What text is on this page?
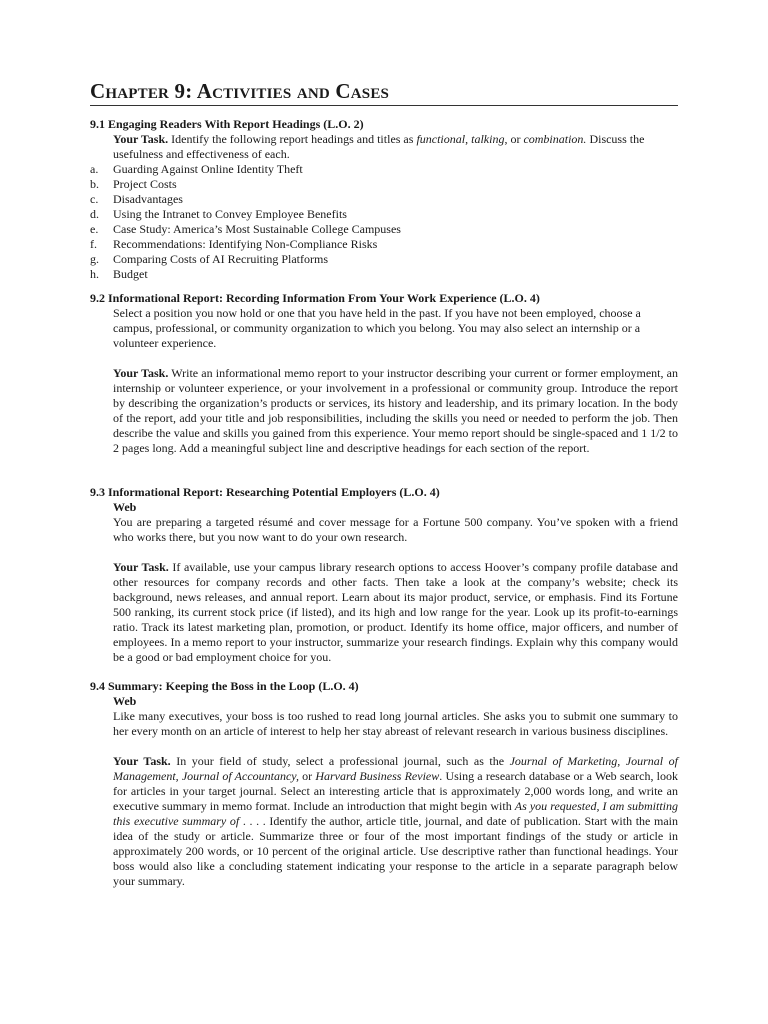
Chapter 9: Activities and Cases

9.1 Engaging Readers With Report Headings (L.O. 2)

Your Task. Identify the following report headings and titles as functional, talking, or combination. Discuss the usefulness and effectiveness of each.

a.	Guarding Against Online Identity Theft
b.	Project Costs
c.	Disadvantages
d.	Using the Intranet to Convey Employee Benefits
e.	Case Study: America’s Most Sustainable College Campuses
f.	Recommendations: Identifying Non-Compliance Risks
g.	Comparing Costs of AI Recruiting Platforms
h.	Budget

9.2 Informational Report: Recording Information From Your Work Experience (L.O. 4)

Select a position you now hold or one that you have held in the past. If you have not been employed, choose a campus, professional, or community organization to which you belong. You may also select an internship or a volunteer experience.

Your Task. Write an informational memo report to your instructor describing your current or former employment, an internship or volunteer experience, or your involvement in a professional or community group. Introduce the report by describing the organization’s products or services, its history and leadership, and its primary location. In the body of the report, add your title and job responsibilities, including the skills you need or needed to perform the job. Then describe the value and skills you gained from this experience. Your memo report should be single-spaced and 1 1/2 to 2 pages long. Add a meaningful subject line and descriptive headings for each section of the report.

9.3 Informational Report: Researching Potential Employers (L.O. 4)

Web

You are preparing a targeted résumé and cover message for a Fortune 500 company. You’ve spoken with a friend who works there, but you now want to do your own research.

Your Task. If available, use your campus library research options to access Hoover’s company profile database and other resources for company records and other facts. Then take a look at the company’s website; check its background, news releases, and annual report. Learn about its major product, service, or emphasis. Find its Fortune 500 ranking, its current stock price (if listed), and its high and low range for the year. Look up its profit-to-earnings ratio. Track its latest marketing plan, promotion, or product. Identify its home office, major officers, and number of employees. In a memo report to your instructor, summarize your research findings. Explain why this company would be a good or bad employment choice for you.

9.4 Summary: Keeping the Boss in the Loop (L.O. 4)

Web

Like many executives, your boss is too rushed to read long journal articles. She asks you to submit one summary to her every month on an article of interest to help her stay abreast of relevant research in various business disciplines.

Your Task. In your field of study, select a professional journal, such as the Journal of Marketing, Journal of Management, Journal of Accountancy, or Harvard Business Review. Using a research database or a Web search, look for articles in your target journal. Select an interesting article that is approximately 2,000 words long, and write an executive summary in memo format. Include an introduction that might begin with As you requested, I am submitting this executive summary of . . . . Identify the author, article title, journal, and date of publication. Start with the main idea of the study or article. Summarize three or four of the most important findings of the study or article in approximately 200 words, or 10 percent of the original article. Use descriptive rather than functional headings. Your boss would also like a concluding statement indicating your response to the article in a separate paragraph below your summary.
